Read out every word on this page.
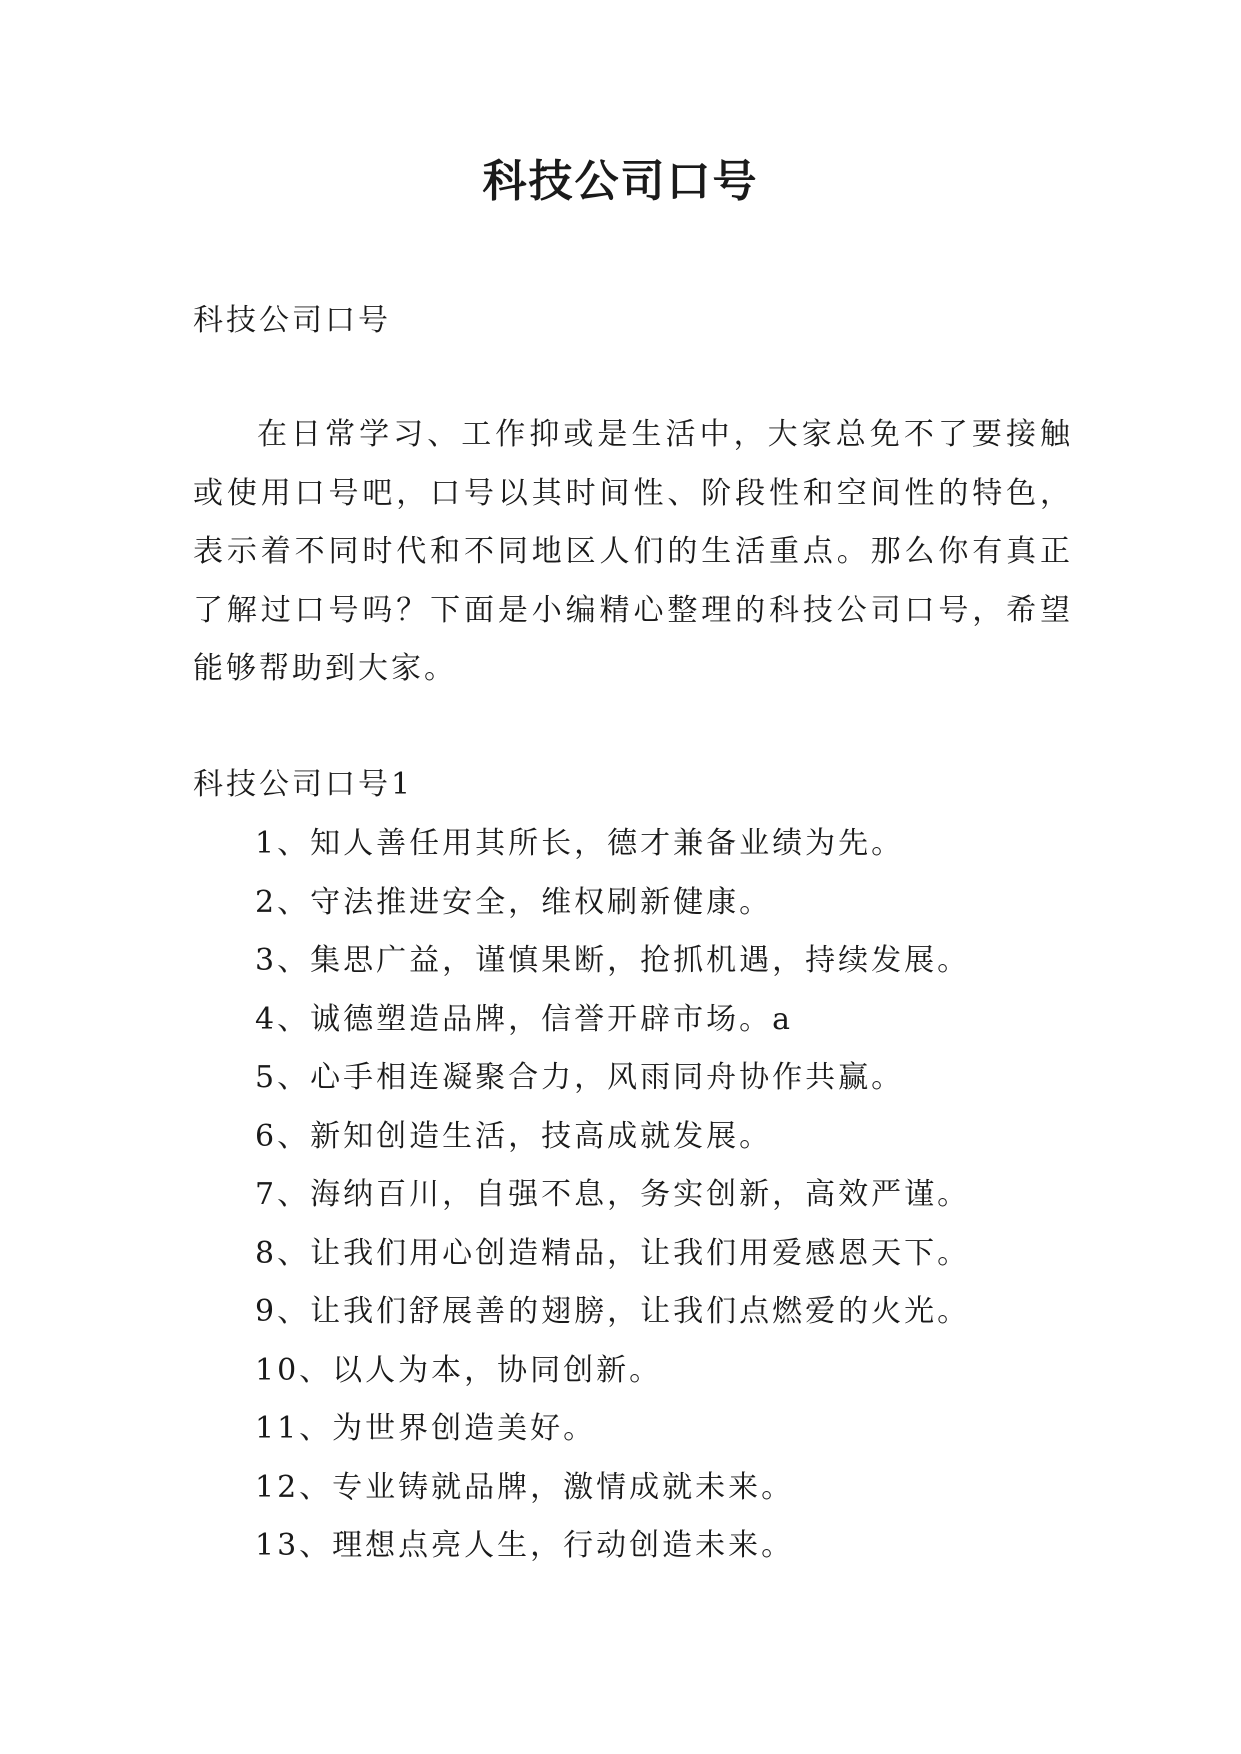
科技公司口号
科技公司口号

在日常学习、工作抑或是生活中，大家总免不了要接触或使用口号吧，口号以其时间性、阶段性和空间性的特色，表示着不同时代和不同地区人们的生活重点。那么你有真正了解过口号吗？下面是小编精心整理的科技公司口号，希望能够帮助到大家。

科技公司口号1
1、知人善任用其所长，德才兼备业绩为先。
2、守法推进安全，维权刷新健康。
3、集思广益，谨慎果断，抢抓机遇，持续发展。
4、诚德塑造品牌，信誉开辟市场。a
5、心手相连凝聚合力，风雨同舟协作共赢。
6、新知创造生活，技高成就发展。
7、海纳百川，自强不息，务实创新，高效严谨。
8、让我们用心创造精品，让我们用爱感恩天下。
9、让我们舒展善的翅膀，让我们点燃爱的火光。
10、以人为本，协同创新。
11、为世界创造美好。
12、专业铸就品牌，激情成就未来。
13、理想点亮人生，行动创造未来。
